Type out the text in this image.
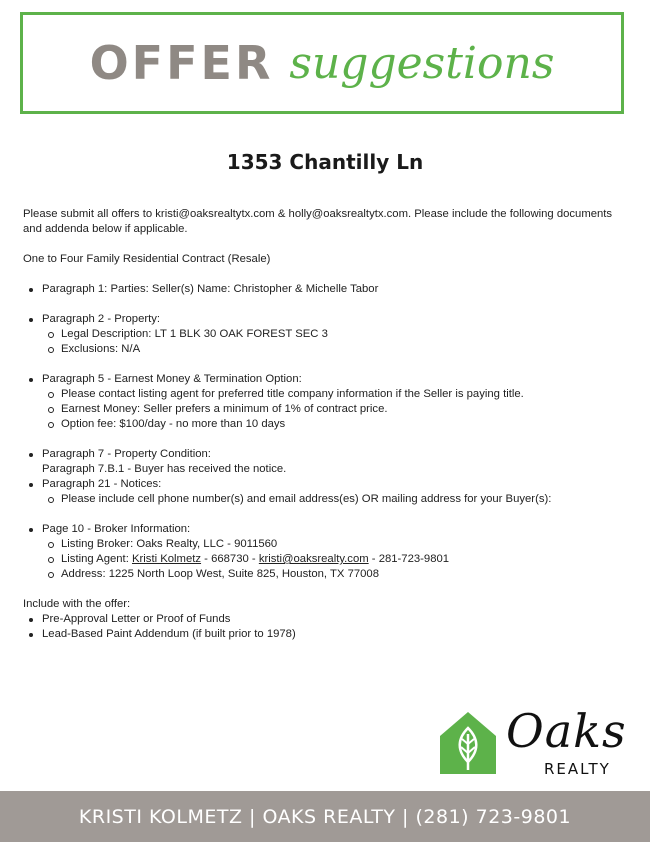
OFFER suggestions
1353 Chantilly Ln

Please submit all offers to kristi@oaksrealtytx.com & holly@oaksrealtytx.com. Please include the following documents and addenda below if applicable.

One to Four Family Residential Contract (Resale)

Paragraph 1: Parties: Seller(s) Name: Christopher & Michelle Tabor
Paragraph 2 - Property:
Legal Description: LT 1 BLK 30 OAK FOREST SEC 3
Exclusions: N/A
Paragraph 5 - Earnest Money & Termination Option:
Please contact listing agent for preferred title company information if the Seller is paying title.
Earnest Money: Seller prefers a minimum of 1% of contract price.
Option fee: $100/day - no more than 10 days
Paragraph 7 - Property Condition:
Paragraph 7.B.1 - Buyer has received the notice.
Paragraph 21 - Notices:
Please include cell phone number(s) and email address(es) OR mailing address for your Buyer(s):
Page 10 - Broker Information:
Listing Broker: Oaks Realty, LLC - 9011560
Listing Agent: Kristi Kolmetz - 668730 - kristi@oaksrealty.com - 281-723-9801
Address: 1225 North Loop West, Suite 825, Houston, TX 77008

Include with the offer:

Pre-Approval Letter or Proof of Funds
Lead-Based Paint Addendum (if built prior to 1978)
Oaks
REALTY
KRISTI KOLMETZ | OAKS REALTY | (281) 723-9801
